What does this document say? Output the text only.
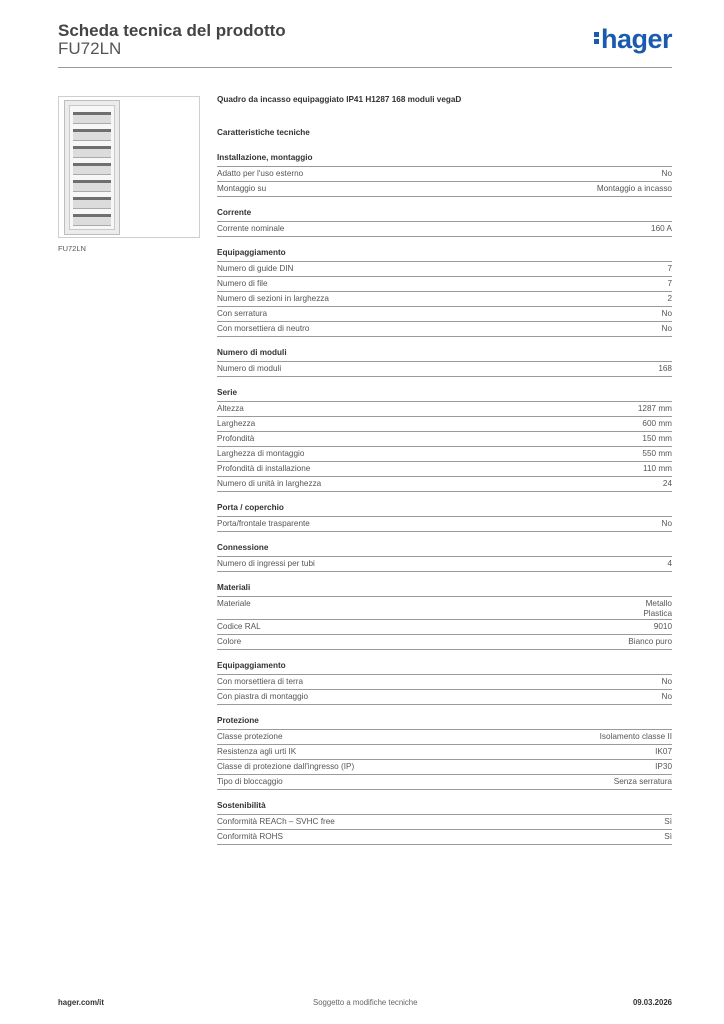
Scheda tecnica del prodotto
FU72LN	hager
FU72LN
Quadro da incasso equipaggiato IP41 H1287 168 moduli vegaD
Caratteristiche tecniche
Installazione, montaggio
Adatto per l'uso esterno	No
Montaggio su	Montaggio a incasso
Corrente
Corrente nominale	160 A
Equipaggiamento
Numero di guide DIN	7
Numero di file	7
Numero di sezioni in larghezza	2
Con serratura	No
Con morsettiera di neutro	No
Numero di moduli
Numero di moduli	168
Serie
Altezza	1287 mm
Larghezza	600 mm
Profondità	150 mm
Larghezza di montaggio	550 mm
Profondità di installazione	110 mm
Numero di unità in larghezza	24
Porta / coperchio
Porta/frontale trasparente	No
Connessione
Numero di ingressi per tubi	4
Materiali
Materiale	Metallo
Plastica
Codice RAL	9010
Colore	Bianco puro
Equipaggiamento
Con morsettiera di terra	No
Con piastra di montaggio	No
Protezione
Classe protezione	Isolamento classe II
Resistenza agli urti IK	IK07
Classe di protezione dall'ingresso (IP)	IP30
Tipo di bloccaggio	Senza serratura
Sostenibilità
Conformità REACh – SVHC free	Sì
Conformità ROHS	Sì
hager.com/it	Soggetto a modifiche tecniche	09.03.2026
